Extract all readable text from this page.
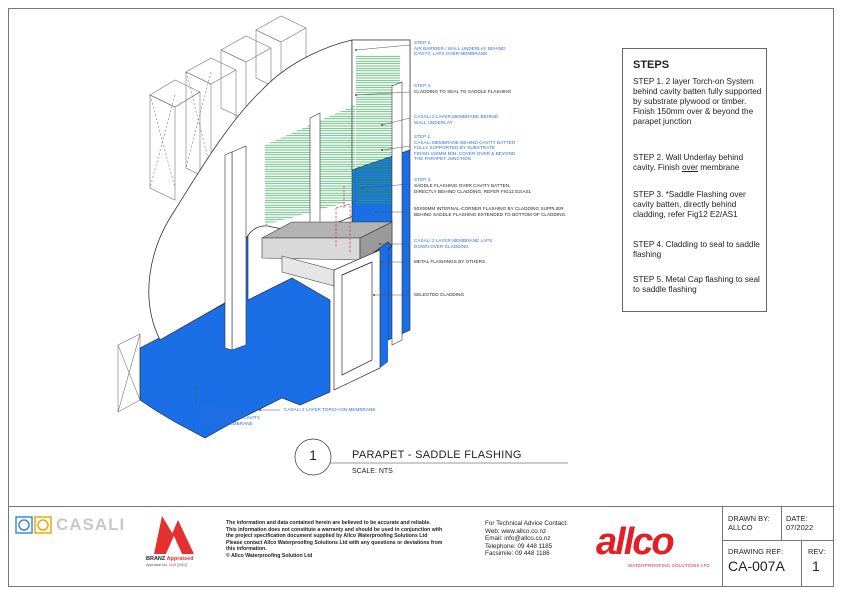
STEP 2.
AIR BARRIER / WALL UNDERLAY BEHIND
CAVITY, LAPS OVER MEMBRANE
STEP 4.
CLADDING TO SEAL TO SADDLE FLASHING
CASALI 2 LAYER MEMBRANE BEHIND
WALL UNDERLAY
STEP 1.
CASALI MEMBRANE BEHIND CAVITY BATTEN
FULLY SUPPORTED BY SUBSTRATE
FINISH 150MM MIN. COVER OVER & BEYOND
THE PARAPET JUNCTION
STEP 3.
SADDLE FLASHING OVER CAVITY BATTEN,
DIRECTLY BEHIND CLADDING, REFER FIG12 E2/AS1
50X50MM INTERNAL-CORNER FLASHING BY CLADDING SUPPLIER
BEHIND SADDLE FLASHING EXTENDED TO BOTTOM OF CLADDING.
CASALI 2 LAYER MEMBRANE LAPS
DOWN OVER CLADDING
METAL FLASHINGS BY OTHERS
SELECTED CLADDING
STEP 2.
AIR BARRIER / WALL
UNDERLAY BEHIND CAVITY,
LAPS OVER MEMBRANE
CASALI 2 LAYER TORCH-ON MEMBRANE
1	PARAPET - SADDLE FLASHING
SCALE: NTS
STEPS
STEP 1. 2 layer Torch-on System behind cavity batten fully supported by substrate plywood or timber. Finish 150mm over & beyond the parapet junction
STEP 2. Wall Underlay behind cavity. Finish over membrane
STEP 3. *Saddle Flashing over cavity batten, directly behind cladding, refer Fig12 E2/AS1
STEP 4. Cladding to seal to saddle flashing
STEP 5. Metal Cap flashing to seal to saddle flashing
CASALI
BRANZ Appraised
Appraisal No. 1115 [2021]
The information and data contained herein are believed to be accurate and reliable.
This information does not constitute a warranty and should be used in conjunction with
the project specification document supplied by Allco Waterproofing Solutions Ltd
Please contact Allco Waterproofing Solutions Ltd with any questions or deviations from
this information.
© Allco Waterproofing Solution Ltd
For Technical Advice Contact:
Web: www.allco.co.nz
Email: info@allco.co.nz
Telephone: 09 448 1185
Facsimile: 09 448 1186	allco
WATERPROOFING SOLUTIONS LTD
DRAWN BY:
ALLCO
DATE:
07/2022
DRAWING REF:
CA-007A
REV:
1
